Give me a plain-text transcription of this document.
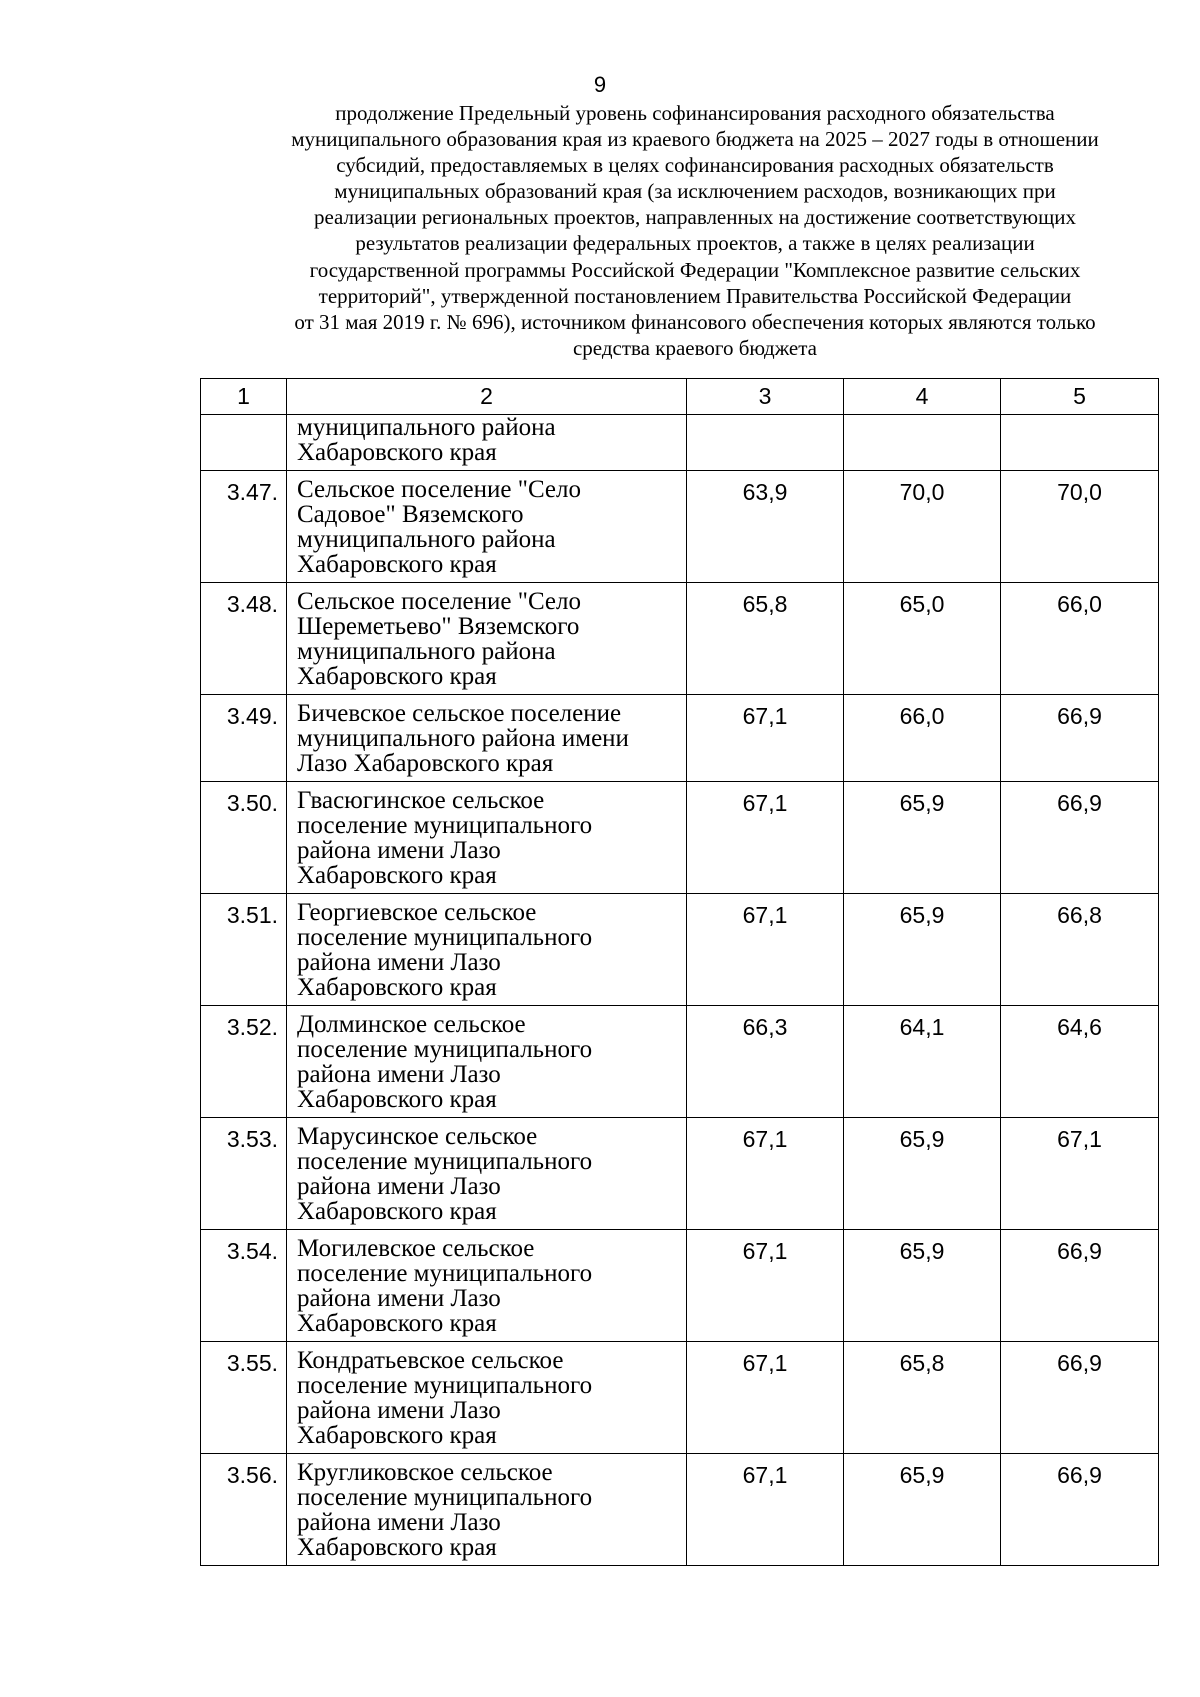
9
продолжение Предельный уровень софинансирования расходного обязательства
муниципального образования края из краевого бюджета на 2025 – 2027 годы в отношении
субсидий, предоставляемых в целях софинансирования расходных обязательств
муниципальных образований края (за исключением расходов, возникающих при
реализации региональных проектов, направленных на достижение соответствующих
результатов реализации федеральных проектов, а также в целях реализации
государственной программы Российской Федерации "Комплексное развитие сельских
территорий", утвержденной постановлением Правительства Российской Федерации
от 31 мая 2019 г. № 696), источником финансового обеспечения которых являются только
средства краевого бюджета
1	2	3	4	5

	муниципального района
Хабаровского края			

3.47.	Сельское поселение "Село
Садовое" Вяземского
муниципального района
Хабаровского края	63,9	70,0	70,0
3.48.	Сельское поселение "Село
Шереметьево" Вяземского
муниципального района
Хабаровского края	65,8	65,0	66,0
3.49.	Бичевское сельское поселение
муниципального района имени
Лазо Хабаровского края	67,1	66,0	66,9
3.50.	Гвасюгинское сельское
поселение муниципального
района имени Лазо
Хабаровского края	67,1	65,9	66,9
3.51.	Георгиевское сельское
поселение муниципального
района имени Лазо
Хабаровского края	67,1	65,9	66,8
3.52.	Долминское сельское
поселение муниципального
района имени Лазо
Хабаровского края	66,3	64,1	64,6
3.53.	Марусинское сельское
поселение муниципального
района имени Лазо
Хабаровского края	67,1	65,9	67,1
3.54.	Могилевское сельское
поселение муниципального
района имени Лазо
Хабаровского края	67,1	65,9	66,9
3.55.	Кондратьевское сельское
поселение муниципального
района имени Лазо
Хабаровского края	67,1	65,8	66,9
3.56.	Кругликовское сельское
поселение муниципального
района имени Лазо
Хабаровского края	67,1	65,9	66,9
